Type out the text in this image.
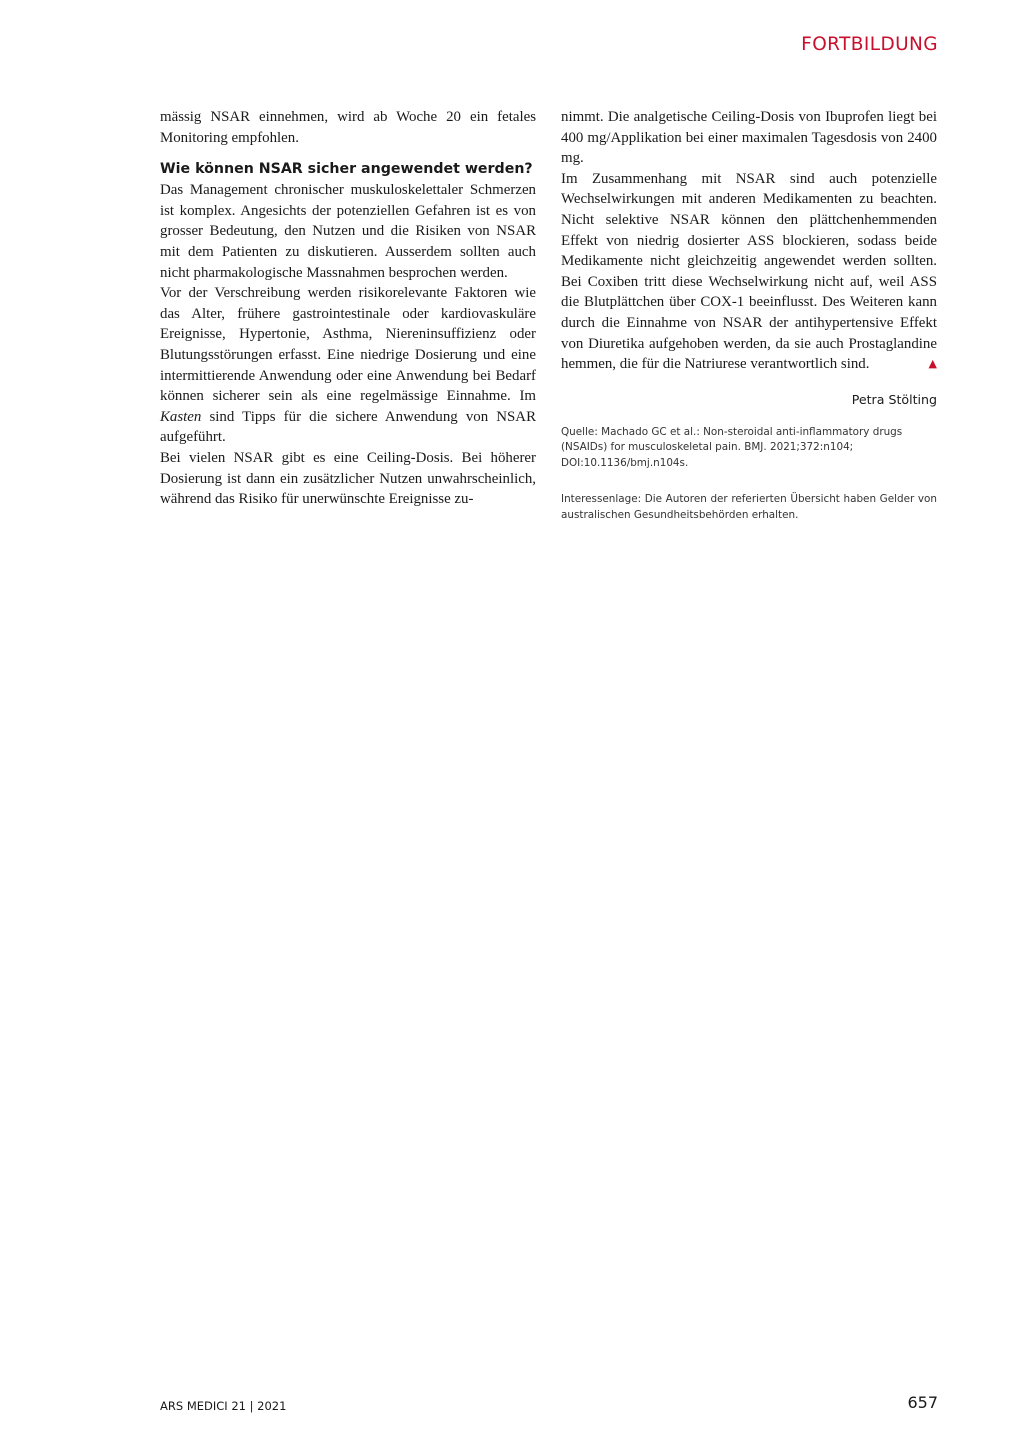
FORTBILDUNG

mässig NSAR einnehmen, wird ab Woche 20 ein fetales Monitoring empfohlen.

Wie können NSAR sicher angewendet werden?

Das Management chronischer muskuloskelettaler Schmerzen ist komplex. Angesichts der potenziellen Gefahren ist es von grosser Bedeutung, den Nutzen und die Risiken von NSAR mit dem Patienten zu diskutieren. Ausserdem sollten auch nicht pharmakologische Massnahmen besprochen werden.

Vor der Verschreibung werden risikorelevante Faktoren wie das Alter, frühere gastrointestinale oder kardiovaskuläre Ereignisse, Hypertonie, Asthma, Niereninsuffizienz oder Blutungsstörungen erfasst. Eine niedrige Dosierung und eine intermittierende Anwendung oder eine Anwendung bei Bedarf können sicherer sein als eine regelmässige Einnahme. Im Kasten sind Tipps für die sichere Anwendung von NSAR aufgeführt.

Bei vielen NSAR gibt es eine Ceiling-Dosis. Bei höherer Dosierung ist dann ein zusätzlicher Nutzen unwahrscheinlich, während das Risiko für unerwünschte Ereignisse zu-

nimmt. Die analgetische Ceiling-Dosis von Ibuprofen liegt bei 400 mg/Applikation bei einer maximalen Tagesdosis von 2400 mg.

Im Zusammenhang mit NSAR sind auch potenzielle Wechselwirkungen mit anderen Medikamenten zu beachten. Nicht selektive NSAR können den plättchenhemmenden Effekt von niedrig dosierter ASS blockieren, sodass beide Medikamente nicht gleichzeitig angewendet werden sollten. Bei Coxiben tritt diese Wechselwirkung nicht auf, weil ASS die Blutplättchen über COX-1 beeinflusst. Des Weiteren kann durch die Einnahme von NSAR der antihypertensive Effekt von Diuretika aufgehoben werden, da sie auch Prostaglandine hemmen, die für die Natriurese verantwortlich sind.	▲

Petra Stölting

Quelle: Machado GC et al.: Non-steroidal anti-inflammatory drugs (NSAIDs) for musculoskeletal pain. BMJ. 2021;372:n104; DOI:10.1136/bmj.n104s.

Interessenlage: Die Autoren der referierten Übersicht haben Gelder von australischen Gesundheitsbehörden erhalten.

ARS MEDICI 21 | 2021	657
